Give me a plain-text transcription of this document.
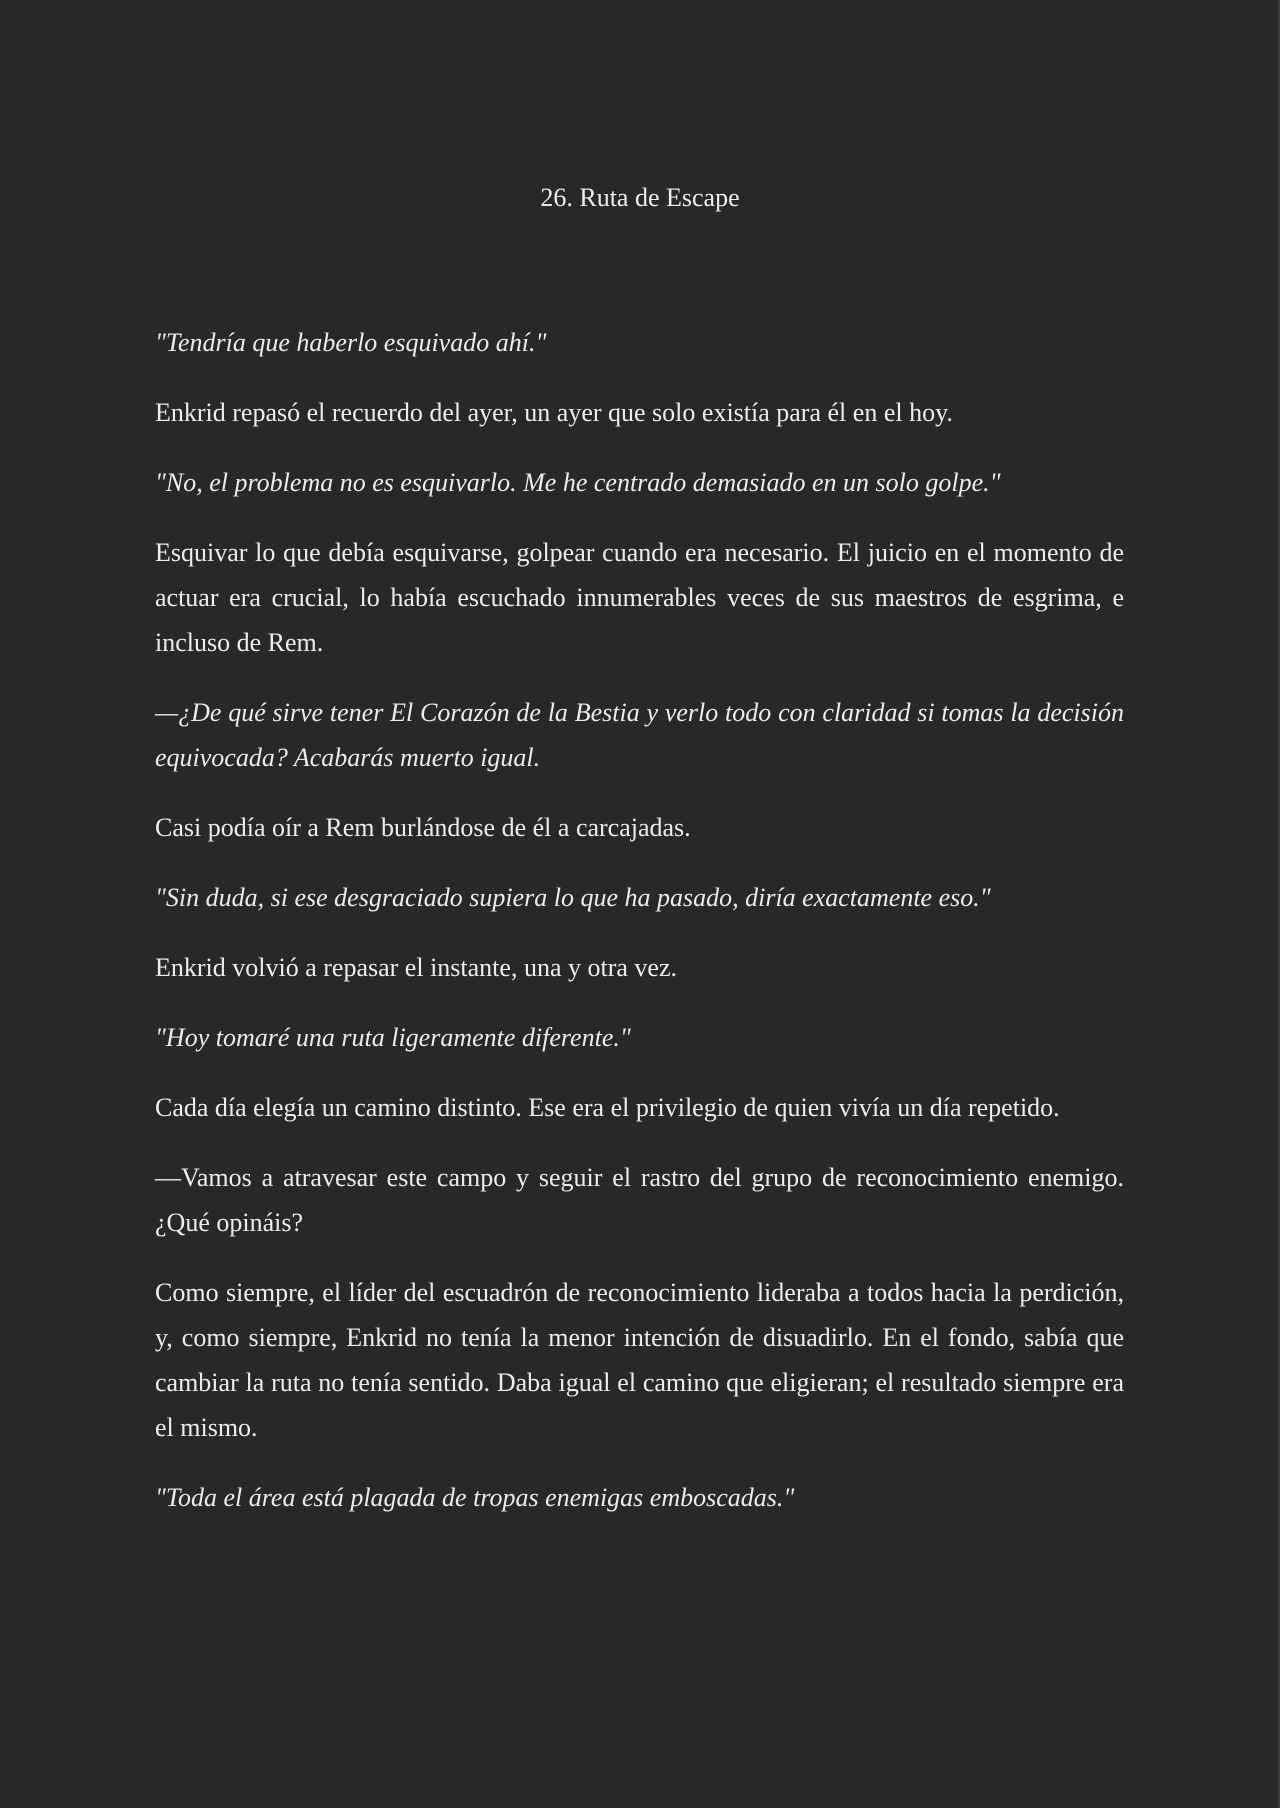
26. Ruta de Escape

"Tendría que haberlo esquivado ahí."

Enkrid repasó el recuerdo del ayer, un ayer que solo existía para él en el hoy.

"No, el problema no es esquivarlo. Me he centrado demasiado en un solo golpe."

Esquivar lo que debía esquivarse, golpear cuando era necesario. El juicio en el momento de actuar era crucial, lo había escuchado innumerables veces de sus maestros de esgrima, e incluso de Rem.

—¿De qué sirve tener El Corazón de la Bestia y verlo todo con claridad si tomas la decisión equivocada? Acabarás muerto igual.

Casi podía oír a Rem burlándose de él a carcajadas.

"Sin duda, si ese desgraciado supiera lo que ha pasado, diría exactamente eso."

Enkrid volvió a repasar el instante, una y otra vez.

"Hoy tomaré una ruta ligeramente diferente."

Cada día elegía un camino distinto. Ese era el privilegio de quien vivía un día repetido.

—Vamos a atravesar este campo y seguir el rastro del grupo de reconocimiento enemigo. ¿Qué opináis?

Como siempre, el líder del escuadrón de reconocimiento lideraba a todos hacia la perdición, y, como siempre, Enkrid no tenía la menor intención de disuadirlo. En el fondo, sabía que cambiar la ruta no tenía sentido. Daba igual el camino que eligieran; el resultado siempre era el mismo.

"Toda el área está plagada de tropas enemigas emboscadas."
